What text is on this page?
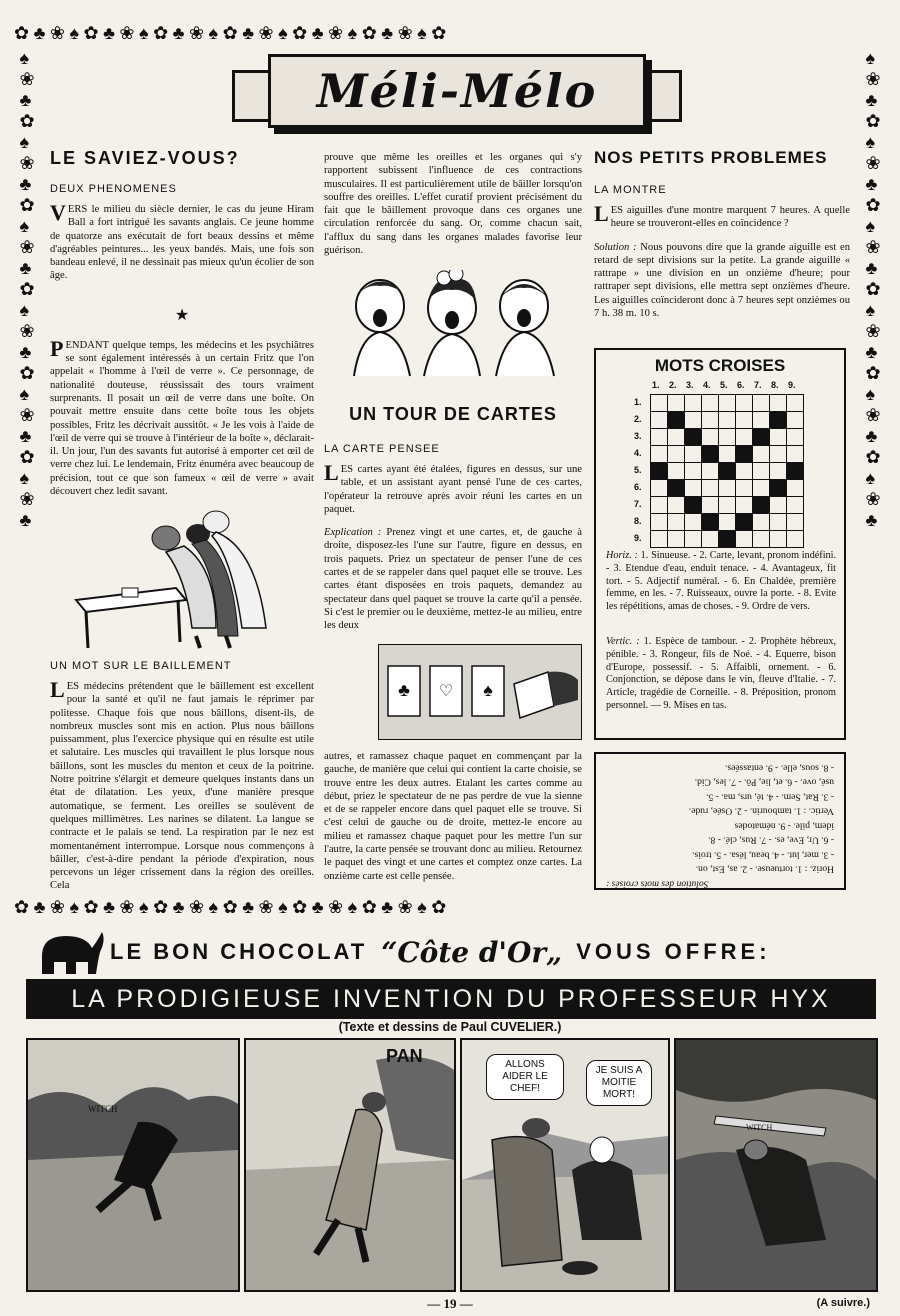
✿ ♣ ❀ ♠ ✿ ♣ ❀ ♠ ✿ ♣ ❀ ♠ ✿ ♣ ❀ ♠ ✿ ♣ ❀ ♠ ✿ ♣ ❀ ♠ ✿
✿ ♣ ❀ ♠ ✿ ♣ ❀ ♠ ✿ ♣ ❀ ♠ ✿ ♣ ❀ ♠ ✿ ♣ ❀ ♠ ✿ ♣ ❀ ♠ ✿
♠
❀
♣
✿
♠
❀
♣
✿
♠
❀
♣
✿
♠
❀
♣
✿
♠
❀
♣
✿
♠
❀
♣
♠
❀
♣
✿
♠
❀
♣
✿
♠
❀
♣
✿
♠
❀
♣
✿
♠
❀
♣
✿
♠
❀
♣
Méli-Mélo
LE SAVIEZ-VOUS?
DEUX PHENOMENES
VERS le milieu du siècle dernier, le cas du jeune Hiram Ball a fort intrigué les savants anglais. Ce jeune homme de quatorze ans exécutait de fort beaux dessins et même d'agréables peintures... les yeux bandés. Mais, une fois son bandeau enlevé, il ne dessinait pas mieux qu'un écolier de son âge.
★
PENDANT quelque temps, les médecins et les psychiâtres se sont également intéressés à un certain Fritz que l'on appelait « l'homme à l'œil de verre ». Ce personnage, de nationalité douteuse, réussissait des tours vraiment surprenants. Il posait un œil de verre dans une boîte. On pouvait mettre ensuite dans cette boîte tous les objets possibles, Fritz les décrivait aussitôt. « Je les vois à l'aide de l'œil de verre qui se trouve à l'intérieur de la boîte », déclarait-il. Un jour, l'un des savants fut autorisé à emporter cet œil de verre chez lui. Le lendemain, Fritz énuméra avec beaucoup de précision, tout ce que son fameux « œil de verre » avait découvert chez ledit savant.
UN MOT SUR LE BAILLEMENT
LES médecins prétendent que le bâillement est excellent pour la santé et qu'il ne faut jamais le réprimer par politesse. Chaque fois que nous bâillons, disent-ils, de nombreux muscles sont mis en action. Plus nous bâillons puissamment, plus l'exercice physique qui en résulte est utile et salutaire. Les muscles qui travaillent le plus lorsque nous bâillons, sont les muscles du menton et ceux de la poitrine. Notre poitrine s'élargit et demeure quelques instants dans un état de dilatation. Les yeux, d'une manière presque automatique, se ferment. Les oreilles se soulèvent de quelques millimètres. Les narines se dilatent. La langue se contracte et le palais se tend. La respiration par le nez est momentanément interrompue. Lorsque nous commençons à bâiller, c'est-à-dire pendant la période d'expiration, nous percevons un léger crissement dans la région des oreilles. Cela
prouve que même les oreilles et les organes qui s'y rapportent subissent l'influence de ces contractions musculaires. Il est particulièrement utile de bâiller lorsqu'on souffre des oreilles. L'effet curatif provient précisément du fait que le bâillement provoque dans ces organes une circulation renforcée du sang. Or, comme chacun sait, l'afflux du sang dans les organes malades favorise leur guérison.
UN TOUR DE CARTES
LA CARTE PENSEE
LES cartes ayant été étalées, figures en dessus, sur une table, et un assistant ayant pensé l'une de ces cartes, l'opérateur la retrouve après avoir réuni les cartes en un paquet.
Explication : Prenez vingt et une cartes, et, de gauche à droite, disposez-les l'une sur l'autre, figure en dessus, en trois paquets. Priez un spectateur de penser l'une de ces cartes et de se rappeler dans quel paquet elle se trouve. Les cartes étant disposées en trois paquets, demandez au spectateur dans quel paquet se trouve la carte qu'il a pensée. Si c'est le premier ou le deuxième, mettez-le au milieu, entre les deux
♣ ♡ ♠
autres, et ramassez chaque paquet en commençant par la gauche, de manière que celui qui contient la carte choisie, se trouve entre les deux autres. Etalant les cartes comme au début, priez le spectateur de ne pas perdre de vue la sienne et de se rappeler encore dans quel paquet elle se trouve. Si c'est celui de gauche ou de droite, mettez-le encore au milieu et ramassez chaque paquet pour les mettre l'un sur l'autre, la carte pensée se trouvant donc au milieu. Retournez le paquet des vingt et une cartes et comptez onze cartes. La onzième carte est celle pensée.
NOS PETITS PROBLEMES
LA MONTRE
LES aiguilles d'une montre marquent 7 heures. A quelle heure se trouveront-elles en coïncidence ?
Solution : Nous pouvons dire que la grande aiguille est en retard de sept divisions sur la petite. La grande aiguille « rattrape » une division en un onzième d'heure; pour rattraper sept divisions, elle mettra sept onzièmes d'heure. Les aiguilles coïncideront donc à 7 heures sept onzièmes ou 7 h. 38 m. 10 s.
MOTS CROISES
1. 2. 3. 4. 5. 6. 7. 8. 9.
1.
2.
3.
4.
5.
6.
7.
8.
9.
Horiz. : 1. Sinueuse. - 2. Carte, levant, pronom indéfini. - 3. Etendue d'eau, enduit tenace. - 4. Avantageux, fit tort. - 5. Adjectif numéral. - 6. En Chaldée, première femme, en les. - 7. Ruisseaux, ouvre la porte. - 8. Evite les répétitions, amas de choses. - 9. Ordre de vers.
Vertic. : 1. Espèce de tambour. - 2. Prophète hébreux, pénible. - 3. Rongeur, fils de Noé. - 4. Equerre, bison d'Europe, possessif. - 5. Affaibli, ornement. - 6. Conjonction, se dépose dans le vin, fleuve d'Italie. - 7. Article, tragédie de Corneille. - 8. Préposition, pronom personnel. — 9. Mises en tas.
Solution des mots croisés :
Horiz. : 1. tortueuse. - 2. as, Est, on.
- 3. mer, lut. - 4. beau, lésa. - 5. trois.
- 6. Ur, Eve, es. - 7. Rus, clé. - 8.
idem, pile. - 9. nématodes
Vertic. : 1. tambourin. - 2. Osée, rude.
- 3. Rat, Sem. - 4. té, urs, ma. - 5.
usé, ove. - 6. et, lie, Pô. - 7. les, Cid.
- 8. sous, elle. - 9. entassées.
LE BON CHOCOLAT “Côte d'Or„ VOUS OFFRE:
LA PRODIGIEUSE INVENTION DU PROFESSEUR HYX
(Texte et dessins de Paul CUVELIER.)
WITCH
PAN	ALLONS AIDER LE CHEF!
JE SUIS A MOITIE MORT!
WITCH
— 19 —	(A suivre.)
